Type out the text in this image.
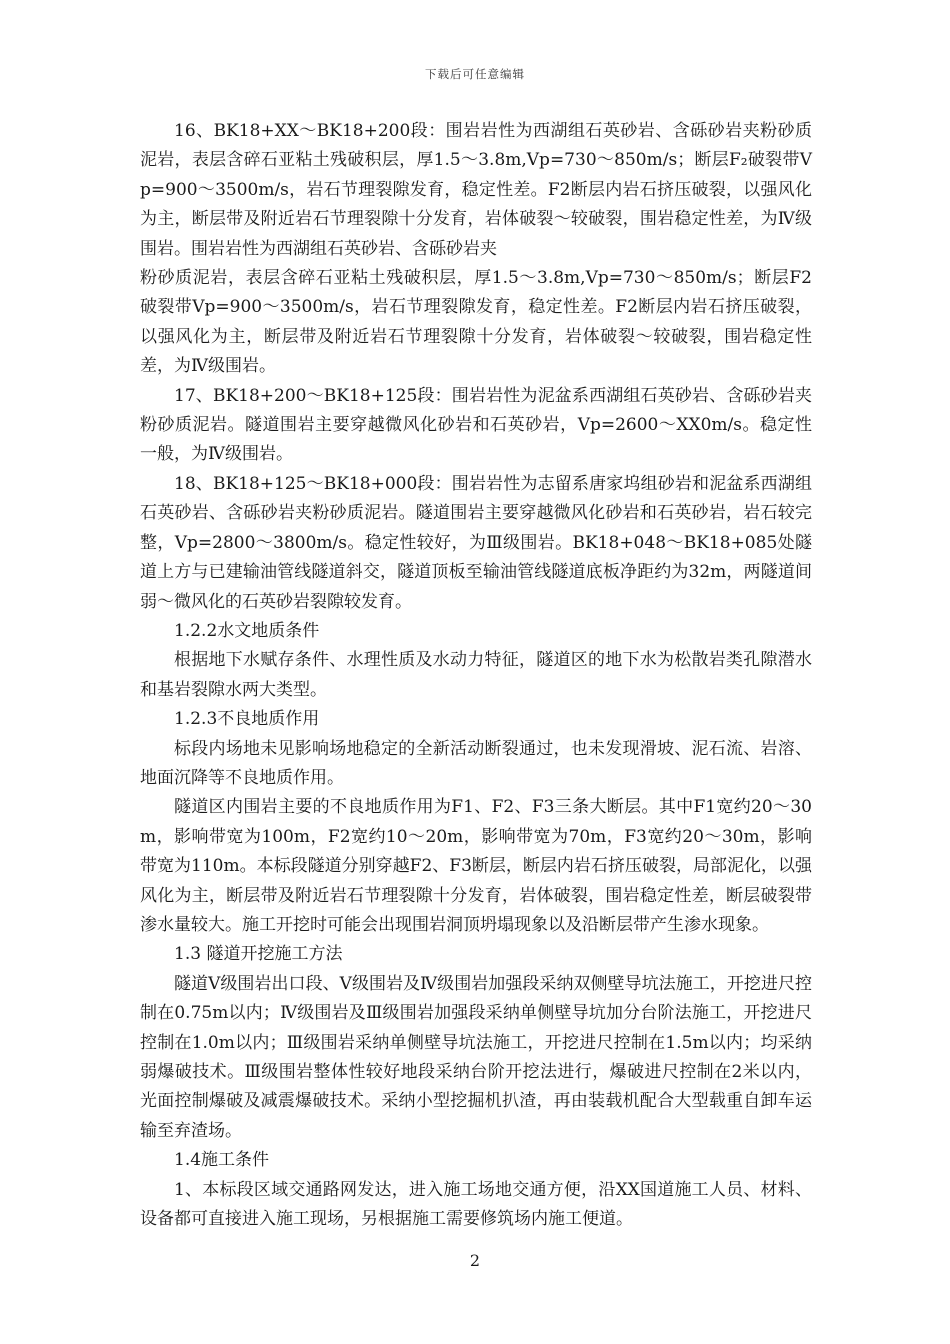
下载后可任意编辑

16、BK18+XX～BK18+200段：围岩岩性为西湖组石英砂岩、含砾砂岩夹粉砂质泥岩，表层含碎石亚粘土残破积层，厚1.5～3.8m,Vp=730～850m/s；断层F₂破裂带Vp=900～3500m/s，岩石节理裂隙发育，稳定性差。F2断层内岩石挤压破裂，以强风化为主，断层带及附近岩石节理裂隙十分发育，岩体破裂～较破裂，围岩稳定性差，为Ⅳ级围岩。围岩岩性为西湖组石英砂岩、含砾砂岩夹

粉砂质泥岩，表层含碎石亚粘土残破积层，厚1.5～3.8m,Vp=730～850m/s；断层F2破裂带Vp=900～3500m/s，岩石节理裂隙发育，稳定性差。F2断层内岩石挤压破裂，以强风化为主，断层带及附近岩石节理裂隙十分发育，岩体破裂～较破裂，围岩稳定性差，为Ⅳ级围岩。

17、BK18+200～BK18+125段：围岩岩性为泥盆系西湖组石英砂岩、含砾砂岩夹粉砂质泥岩。隧道围岩主要穿越微风化砂岩和石英砂岩，Vp=2600～XX0m/s。稳定性一般，为Ⅳ级围岩。

18、BK18+125～BK18+000段：围岩岩性为志留系唐家坞组砂岩和泥盆系西湖组石英砂岩、含砾砂岩夹粉砂质泥岩。隧道围岩主要穿越微风化砂岩和石英砂岩，岩石较完整，Vp=2800～3800m/s。稳定性较好，为Ⅲ级围岩。BK18+048～BK18+085处隧道上方与已建输油管线隧道斜交，隧道顶板至输油管线隧道底板净距约为32m，两隧道间弱～微风化的石英砂岩裂隙较发育。

1.2.2水文地质条件

根据地下水赋存条件、水理性质及水动力特征，隧道区的地下水为松散岩类孔隙潜水和基岩裂隙水两大类型。

1.2.3不良地质作用

标段内场地未见影响场地稳定的全新活动断裂通过，也未发现滑坡、泥石流、岩溶、地面沉降等不良地质作用。

隧道区内围岩主要的不良地质作用为F1、F2、F3三条大断层。其中F1宽约20～30m，影响带宽为100m，F2宽约10～20m，影响带宽为70m，F3宽约20～30m，影响带宽为110m。本标段隧道分别穿越F2、F3断层，断层内岩石挤压破裂，局部泥化，以强风化为主，断层带及附近岩石节理裂隙十分发育，岩体破裂，围岩稳定性差，断层破裂带渗水量较大。施工开挖时可能会出现围岩洞顶坍塌现象以及沿断层带产生渗水现象。

1.3 隧道开挖施工方法

隧道Ⅴ级围岩出口段、Ⅴ级围岩及Ⅳ级围岩加强段采纳双侧壁导坑法施工，开挖进尺控制在0.75m以内；Ⅳ级围岩及Ⅲ级围岩加强段采纳单侧壁导坑加分台阶法施工，开挖进尺控制在1.0m以内；Ⅲ级围岩采纳单侧壁导坑法施工，开挖进尺控制在1.5m以内；均采纳弱爆破技术。Ⅲ级围岩整体性较好地段采纳台阶开挖法进行，爆破进尺控制在2米以内，光面控制爆破及减震爆破技术。采纳小型挖掘机扒渣，再由装载机配合大型载重自卸车运输至弃渣场。

1.4施工条件

1、本标段区域交通路网发达，进入施工场地交通方便，沿XX国道施工人员、材料、设备都可直接进入施工现场，另根据施工需要修筑场内施工便道。

2
